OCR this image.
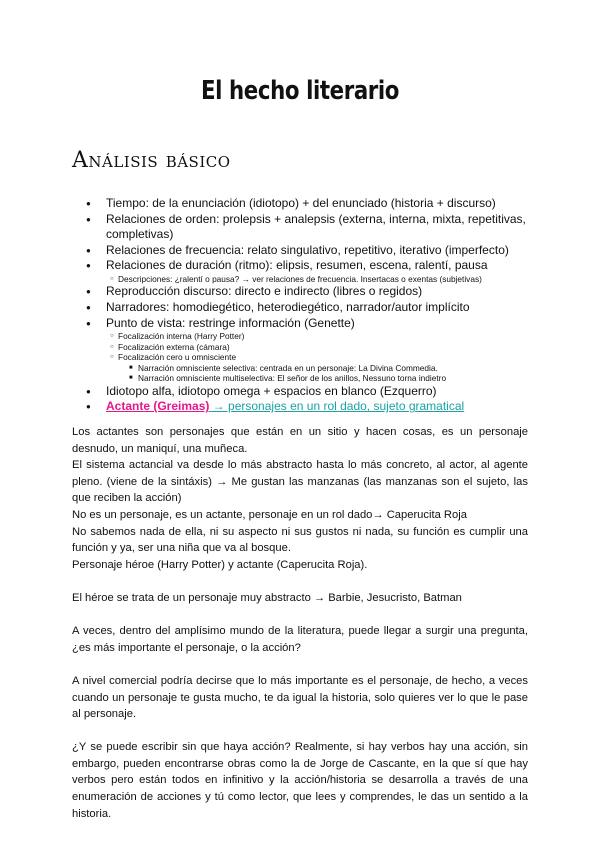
El hecho literario
Análisis básico
● Tiempo: de la enunciación (idiotopo) + del enunciado (historia + discurso)
● Relaciones de orden: prolepsis + analepsis (externa, interna, mixta, repetitivas, completivas)
● Relaciones de frecuencia: relato singulativo, repetitivo, iterativo (imperfecto)
● Relaciones de duración (ritmo): elipsis, resumen, escena, ralentí, pausa
○ Descripciones: ¿ralentí o pausa? → ver relaciones de frecuencia. Insertacas o exentas (subjetivas)
● Reproducción discurso: directo e indirecto (libres o regidos)
● Narradores: homodiegético, heterodiegético, narrador/autor implícito
● Punto de vista: restringe información (Genette)
○ Focalización interna (Harry Potter)
○ Focalización externa (cámara)
○ Focalización cero u omnisciente
■ Narración omnisciente selectiva: centrada en un personaje: La Divina Commedia.
■ Narración omnisciente multiselectiva: El señor de los anillos, Nessuno torna indietro
● Idiotopo alfa, idiotopo omega + espacios en blanco (Ezquerro)
● Actante (Greimas) → personajes en un rol dado, sujeto gramatical

Los actantes son personajes que están en un sitio y hacen cosas, es un personaje desnudo, un maniquí, una muñeca.

El sistema actancial va desde lo más abstracto hasta lo más concreto, al actor, al agente pleno. (viene de la sintáxis) → Me gustan las manzanas (las manzanas son el sujeto, las que reciben la acción)

No es un personaje, es un actante, personaje en un rol dado→ Caperucita Roja

No sabemos nada de ella, ni su aspecto ni sus gustos ni nada, su función es cumplir una función y ya, ser una niña que va al bosque.

Personaje héroe (Harry Potter) y actante (Caperucita Roja).

El héroe se trata de un personaje muy abstracto → Barbie, Jesucristo, Batman

A veces, dentro del amplísimo mundo de la literatura, puede llegar a surgir una pregunta, ¿es más importante el personaje, o la acción?

A nivel comercial podría decirse que lo más importante es el personaje, de hecho, a veces cuando un personaje te gusta mucho, te da igual la historia, solo quieres ver lo que le pase al personaje.

¿Y se puede escribir sin que haya acción? Realmente, si hay verbos hay una acción, sin embargo, pueden encontrarse obras como la de Jorge de Cascante, en la que sí que hay verbos pero están todos en infinitivo y la acción/historia se desarrolla a través de una enumeración de acciones y tú como lector, que lees y comprendes, le das un sentido a la historia.
